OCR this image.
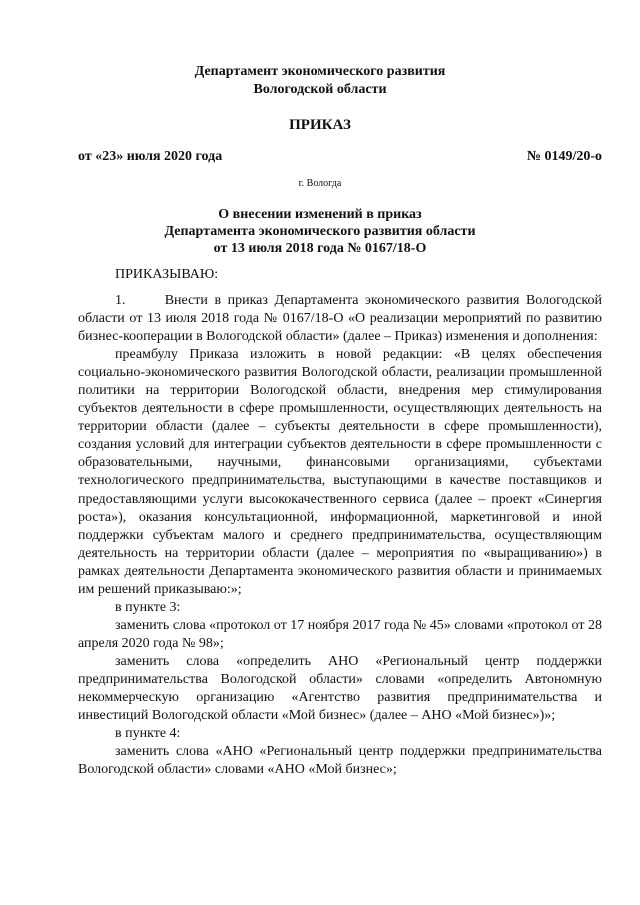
Департамент экономического развития
Вологодской области
ПРИКАЗ
от «23» июля 2020 года	№ 0149/20-о
г. Вологда
О внесении изменений в приказ
Департамента экономического развития области
от 13 июля 2018 года № 0167/18-О
ПРИКАЗЫВАЮ:

1.      Внести в приказ Департамента экономического развития Вологодской области от 13 июля 2018 года № 0167/18-О «О реализации мероприятий по развитию бизнес-кооперации в Вологодской области» (далее – Приказ) изменения и дополнения:

преамбулу Приказа изложить в новой редакции: «В целях обеспечения социально-экономического развития Вологодской области, реализации промышленной политики на территории Вологодской области, внедрения мер стимулирования субъектов деятельности в сфере промышленности, осуществляющих деятельность на территории области (далее – субъекты деятельности в сфере промышленности), создания условий для интеграции субъектов деятельности в сфере промышленности с образовательными, научными, финансовыми организациями, субъектами технологического предпринимательства, выступающими в качестве поставщиков и предоставляющими услуги высококачественного сервиса (далее – проект «Синергия роста»), оказания консультационной, информационной, маркетинговой и иной поддержки субъектам малого и среднего предпринимательства, осуществляющим деятельность на территории области (далее – мероприятия по «выращиванию») в рамках деятельности Департамента экономического развития области и принимаемых им решений приказываю:»;

в пункте 3:

заменить слова «протокол от 17 ноября 2017 года № 45» словами «протокол от 28 апреля 2020 года № 98»;

заменить слова «определить АНО «Региональный центр поддержки предпринимательства Вологодской области» словами «определить Автономную некоммерческую организацию «Агентство развития предпринимательства и инвестиций Вологодской области «Мой бизнес» (далее – АНО «Мой бизнес»)»;

в пункте 4:

заменить слова «АНО «Региональный центр поддержки предпринимательства Вологодской области» словами «АНО «Мой бизнес»;
